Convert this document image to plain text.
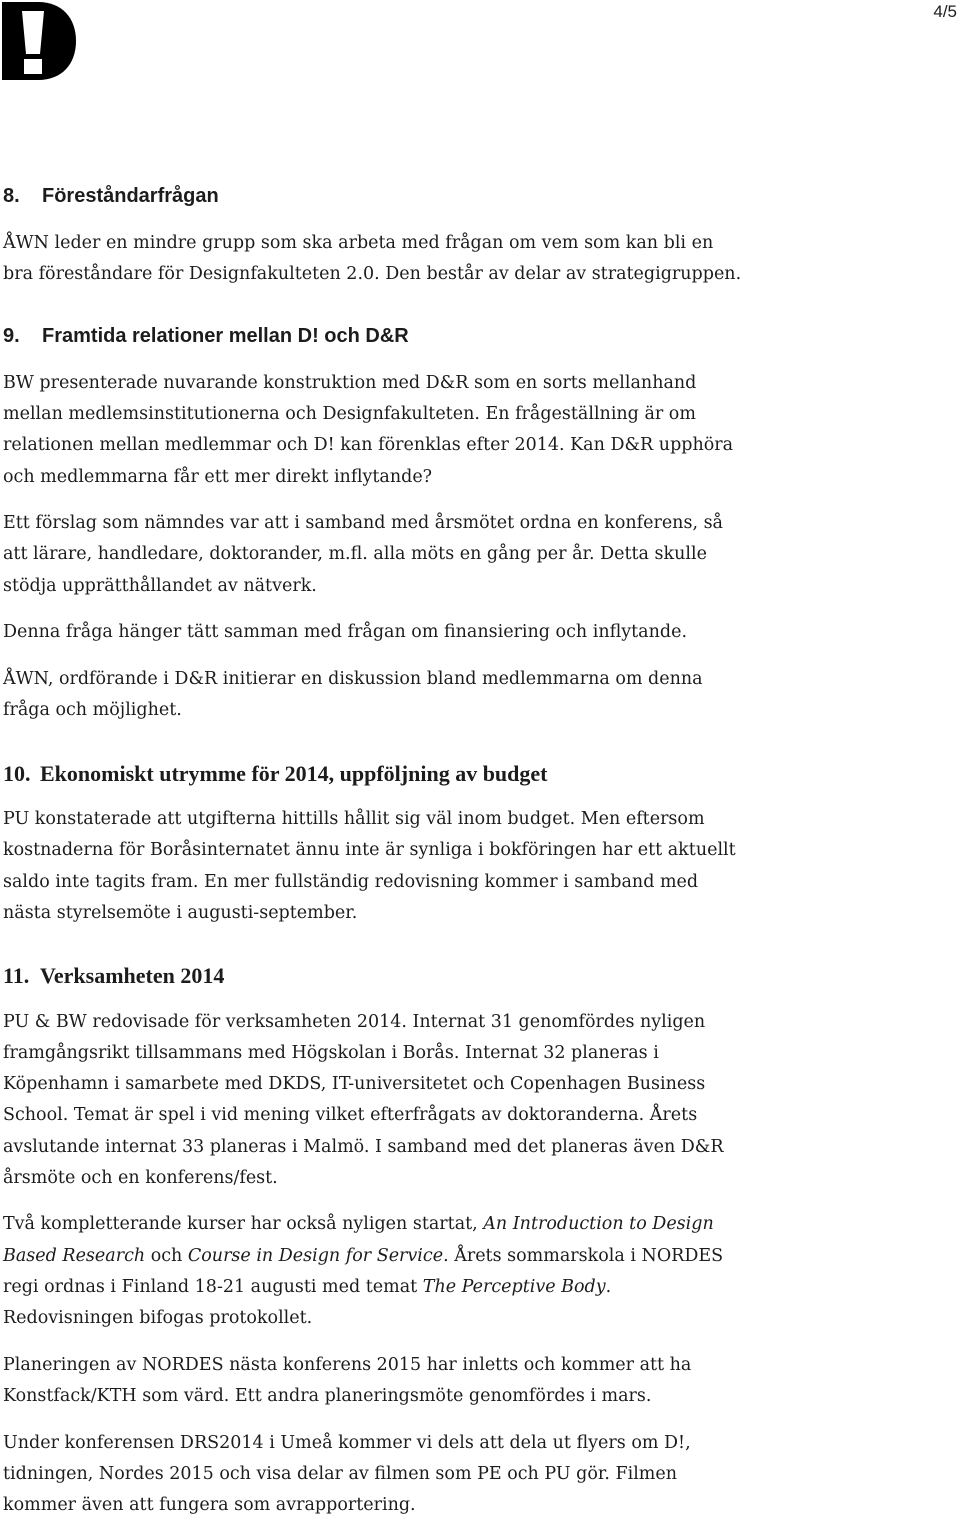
4/5
8. Föreståndarfrågan

ÅWN leder en mindre grupp som ska arbeta med frågan om vem som kan bli en
bra föreståndare för Designfakulteten 2.0. Den består av delar av strategigruppen.

9. Framtida relationer mellan D! och D&R

BW presenterade nuvarande konstruktion med D&R som en sorts mellanhand
mellan medlemsinstitutionerna och Designfakulteten. En frågeställning är om
relationen mellan medlemmar och D! kan förenklas efter 2014. Kan D&R upphöra
och medlemmarna får ett mer direkt inflytande?

Ett förslag som nämndes var att i samband med årsmötet ordna en konferens, så
att lärare, handledare, doktorander, m.fl. alla möts en gång per år. Detta skulle
stödja upprätthållandet av nätverk.

Denna fråga hänger tätt samman med frågan om finansiering och inflytande.

ÅWN, ordförande i D&R initierar en diskussion bland medlemmarna om denna
fråga och möjlighet.

10. Ekonomiskt utrymme för 2014, uppföljning av budget

PU konstaterade att utgifterna hittills hållit sig väl inom budget. Men eftersom
kostnaderna för Boråsinternatet ännu inte är synliga i bokföringen har ett aktuellt
saldo inte tagits fram. En mer fullständig redovisning kommer i samband med
nästa styrelsemöte i augusti-september.

11. Verksamheten 2014

PU & BW redovisade för verksamheten 2014. Internat 31 genomfördes nyligen
framgångsrikt tillsammans med Högskolan i Borås. Internat 32 planeras i
Köpenhamn i samarbete med DKDS, IT-universitetet och Copenhagen Business
School. Temat är spel i vid mening vilket efterfrågats av doktoranderna. Årets
avslutande internat 33 planeras i Malmö. I samband med det planeras även D&R
årsmöte och en konferens/fest.

Två kompletterande kurser har också nyligen startat, An Introduction to Design
Based Research och Course in Design for Service. Årets sommarskola i NORDES
regi ordnas i Finland 18-21 augusti med temat The Perceptive Body.
Redovisningen bifogas protokollet.

Planeringen av NORDES nästa konferens 2015 har inletts och kommer att ha
Konstfack/KTH som värd. Ett andra planeringsmöte genomfördes i mars.

Under konferensen DRS2014 i Umeå kommer vi dels att dela ut flyers om D!,
tidningen, Nordes 2015 och visa delar av filmen som PE och PU gör. Filmen
kommer även att fungera som avrapportering.
